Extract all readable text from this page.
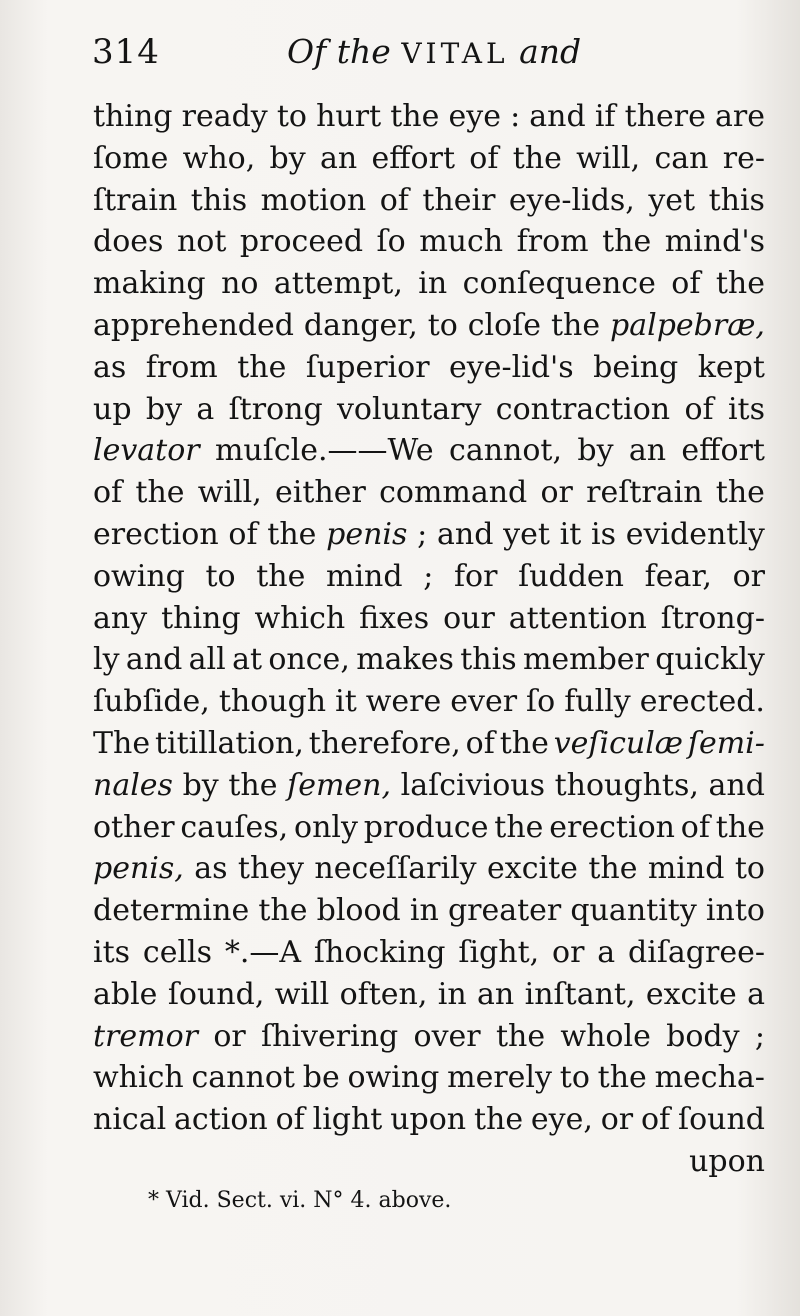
314	Of the VITAL and
thing ready to hurt the eye : and if there are
ſome who, by an effort of the will, can re-
ſtrain this motion of their eye-lids, yet this
does not proceed ſo much from the mind's
making no attempt, in conſequence of the
apprehended danger, to cloſe the palpebræ,
as from the ſuperior eye-lid's being kept
up by a ſtrong voluntary contraction of its
levator muſcle.——We cannot, by an effort
of the will, either command or reſtrain the
erection of the penis ; and yet it is evidently
owing to the mind ; for ſudden fear, or
any thing which fixes our attention ſtrong-
ly and all at once, makes this member quickly
ſubſide, though it were ever ſo fully erected.
The titillation, therefore, of the veſiculæ ſemi-
nales by the ſemen, laſcivious thoughts, and
other cauſes, only produce the erection of the
penis, as they neceſſarily excite the mind to
determine the blood in greater quantity into
its cells *.—A ſhocking ſight, or a diſagree-
able ſound, will often, in an inſtant, excite a
tremor or ſhivering over the whole body ;
which cannot be owing merely to the mecha-
nical action of light upon the eye, or of ſound
upon
* Vid. Sect. vi. N° 4. above.
